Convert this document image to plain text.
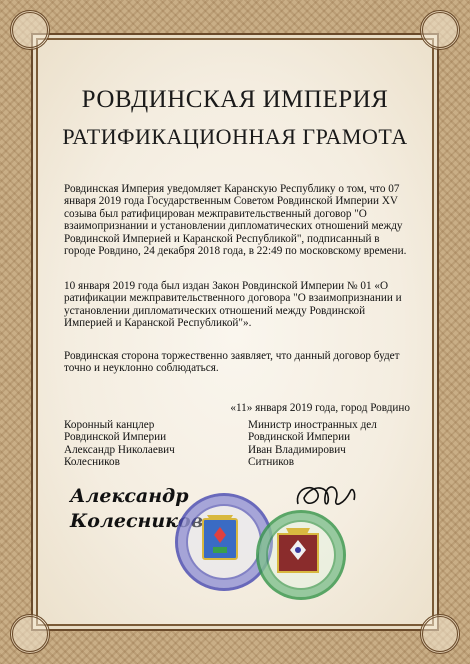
РОВДИНСКАЯ ИМПЕРИЯ
РАТИФИКАЦИОННАЯ ГРАМОТА
Ровдинская Империя уведомляет Каранскую Республику о том, что 07 января 2019 года Государственным Советом Ровдинской Империи XV созыва был ратифицирован межправительственный договор "О взаимопризнании и установлении дипломатических отношений между Ровдинской Империей и Каранской Республикой", подписанный в городе Ровдино, 24 декабря 2018 года, в 22:49 по московскому времени.
10 января 2019 года был издан Закон Ровдинской Империи № 01 «О ратификации межправительственного договора "О взаимопризнании и установлении дипломатических отношений между Ровдинской Империей и Каранской Республикой"».
Ровдинская сторона торжественно заявляет, что данный договор будет точно и неуклонно соблюдаться.
«11» января 2019 года, город Ровдино
Коронный канцлер
Ровдинской Империи
Александр Николаевич
Колесников
Министр иностранных дел
Ровдинской Империи
Иван Владимирович
Ситников
Александр
Колесников
